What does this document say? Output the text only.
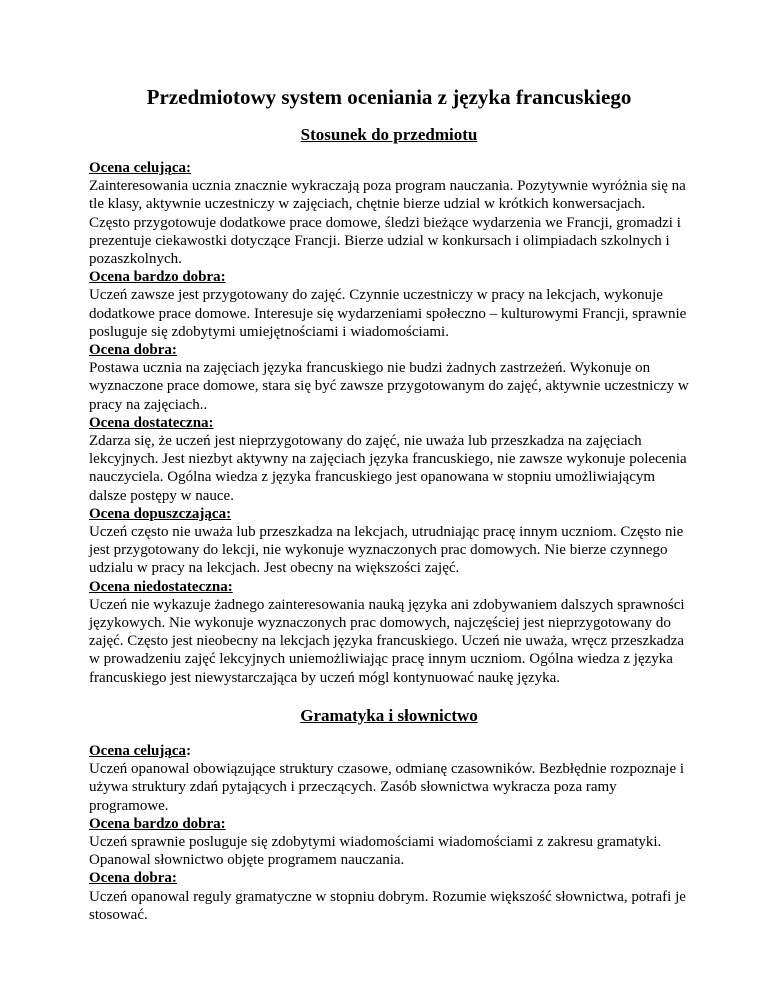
Przedmiotowy system oceniania z języka francuskiego
Stosunek do przedmiotu
Ocena celująca:

Zainteresowania ucznia znacznie wykraczają poza program nauczania. Pozytywnie wyróżnia się na tle klasy, aktywnie uczestniczy w zajęciach, chętnie bierze udzial w krótkich konwersacjach. Często przygotowuje dodatkowe prace domowe, śledzi bieżące wydarzenia we Francji, gromadzi i prezentuje ciekawostki dotyczące Francji. Bierze udzial w konkursach i olimpiadach szkolnych i pozaszkolnych.

Ocena bardzo dobra:

Uczeń zawsze jest przygotowany do zajęć. Czynnie uczestniczy w pracy na lekcjach, wykonuje dodatkowe prace domowe. Interesuje się wydarzeniami społeczno – kulturowymi Francji, sprawnie posluguje się zdobytymi umiejętnościami i wiadomościami.

Ocena dobra:

Postawa ucznia na zajęciach języka francuskiego nie budzi żadnych zastrzeżeń. Wykonuje on wyznaczone prace domowe, stara się być zawsze przygotowanym do zajęć, aktywnie uczestniczy w pracy na zajęciach..

Ocena dostateczna:

Zdarza się, że uczeń jest nieprzygotowany do zajęć, nie uważa lub przeszkadza na zajęciach lekcyjnych. Jest niezbyt aktywny na zajęciach języka francuskiego, nie zawsze wykonuje polecenia nauczyciela. Ogólna wiedza z języka francuskiego jest opanowana w stopniu umożliwiającym dalsze postępy w nauce.

Ocena dopuszczająca:

Uczeń często nie uważa lub przeszkadza na lekcjach, utrudniając pracę innym uczniom. Często nie jest przygotowany do lekcji, nie wykonuje wyznaczonych prac domowych. Nie bierze czynnego udzialu w pracy na lekcjach. Jest obecny na większości zajęć.

Ocena niedostateczna:

Uczeń nie wykazuje żadnego zainteresowania nauką języka ani zdobywaniem dalszych sprawności językowych. Nie wykonuje wyznaczonych prac domowych, najczęściej jest nieprzygotowany do zajęć. Często jest nieobecny na lekcjach języka francuskiego. Uczeń nie uważa, wręcz przeszkadza w prowadzeniu zajęć lekcyjnych uniemożliwiając pracę innym uczniom. Ogólna wiedza z języka francuskiego jest niewystarczająca by uczeń mógl kontynuować naukę języka.

Gramatyka i słownictwo
Ocena celująca:

Uczeń opanowal obowiązujące struktury czasowe, odmianę czasowników. Bezbłędnie rozpoznaje i używa struktury zdań pytających i przeczących. Zasób słownictwa wykracza poza ramy programowe.

Ocena bardzo dobra:

Uczeń sprawnie posluguje się zdobytymi wiadomościami wiadomościami z zakresu gramatyki. Opanowal słownictwo objęte programem nauczania.

Ocena dobra:

Uczeń opanowal reguly gramatyczne w stopniu dobrym. Rozumie większość słownictwa, potrafi je stosować.
